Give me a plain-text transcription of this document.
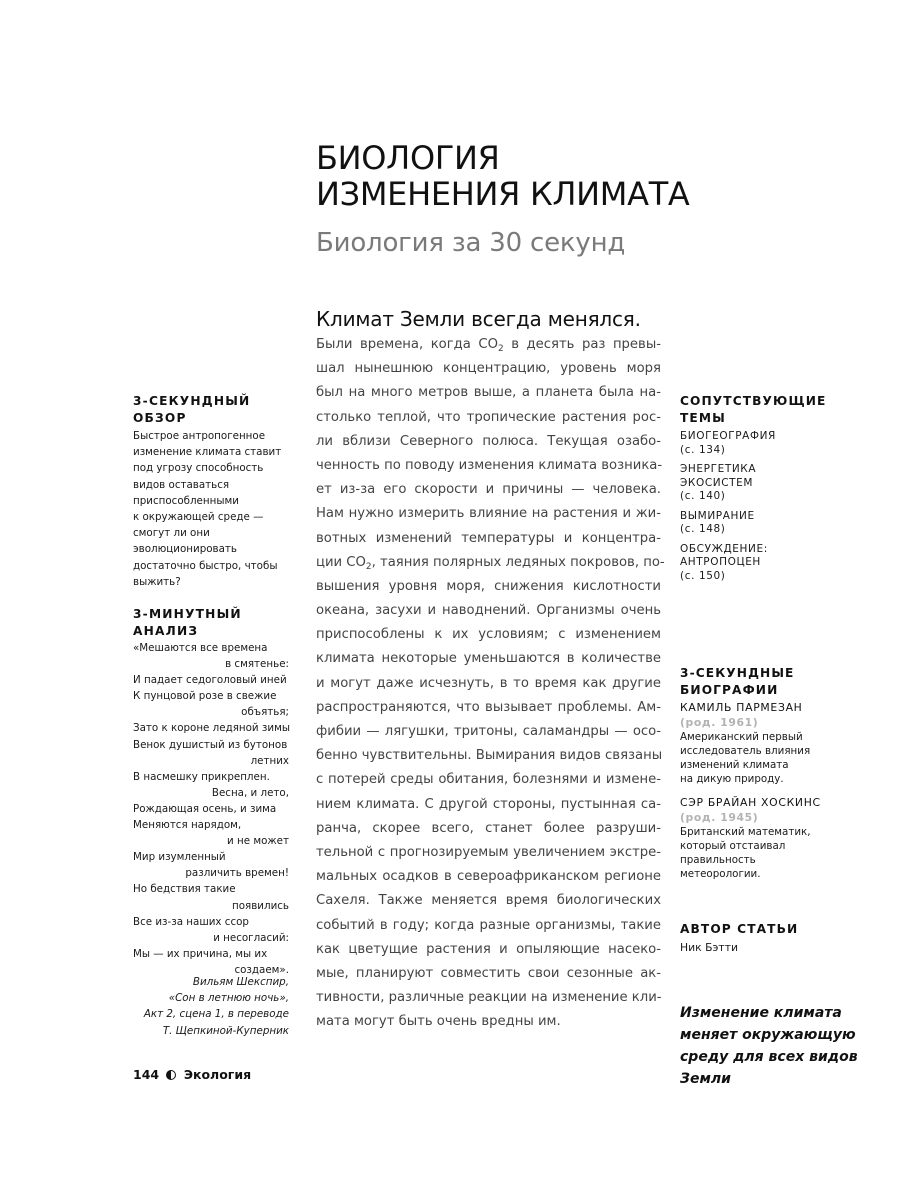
БИОЛОГИЯ
ИЗМЕНЕНИЯ КЛИМАТА
Биология за 30 секунд
Климат Земли всегда менялся.
Были времена, когда $CO_2$ в десять раз превы-
шал нынешнюю концентрацию, уровень моря
был на много метров выше, а планета была на-
столько теплой, что тропические растения рос-
ли вблизи Северного полюса. Текущая озабо-
ченность по поводу изменения климата возника-
ет из-за его скорости и причины — человека.
Нам нужно измерить влияние на растения и жи-
вотных изменений температуры и концентра-
ции $CO_2$, таяния полярных ледяных покровов, по-
вышения уровня моря, снижения кислотности
океана, засухи и наводнений. Организмы очень
приспособлены к их условиям; с изменением
климата некоторые уменьшаются в количестве
и могут даже исчезнуть, в то время как другие
распространяются, что вызывает проблемы. Ам-
фибии — лягушки, тритоны, саламандры — осо-
бенно чувствительны. Вымирания видов связаны
с потерей среды обитания, болезнями и измене-
нием климата. С другой стороны, пустынная са-
ранча, скорее всего, станет более разруши-
тельной с прогнозируемым увеличением экстре-
мальных осадков в североафриканском регионе
Сахеля. Также меняется время биологических
событий в году; когда разные организмы, такие
как цветущие растения и опыляющие насеко-
мые, планируют совместить свои сезонные ак-
тивности, различные реакции на изменение кли-
мата могут быть очень вредны им.
3-СЕКУНДНЫЙ
ОБЗОР
Быстрое антропогенное
изменение климата ставит
под угрозу способность
видов оставаться
приспособленными
к окружающей среде —
смогут ли они
эволюционировать
достаточно быстро, чтобы
выжить?
3-МИНУТНЫЙ
АНАЛИЗ
«Мешаются все времена
в смятенье:
И падает седоголовый иней
К пунцовой розе в свежие
объятья;
Зато к короне ледяной зимы
Венок душистый из бутонов
летних
В насмешку прикреплен.
Весна, и лето,
Рождающая осень, и зима
Меняются нарядом,
и не может
Мир изумленный
различить времен!
Но бедствия такие
появились
Все из-за наших ссор
и несогласий:
Мы — их причина, мы их
создаем».
Вильям Шекспир,
«Сон в летнюю ночь»,
Акт 2, сцена 1, в переводе
Т. Щепкиной-Куперник
144 Экология
СОПУТСТВУЮЩИЕ
ТЕМЫ
БИОГЕОГРАФИЯ
(с. 134)
ЭНЕРГЕТИКА
ЭКОСИСТЕМ
(с. 140)
ВЫМИРАНИЕ
(с. 148)
ОБСУЖДЕНИЕ:
АНТРОПОЦЕН
(с. 150)
3-СЕКУНДНЫЕ
БИОГРАФИИ
КАМИЛЬ ПАРМЕЗАН
(род. 1961)
Американский первый
исследователь влияния
изменений климата
на дикую природу.
СЭР БРАЙАН ХОСКИНС
(род. 1945)
Британский математик,
который отстаивал
правильность
метеорологии.
АВТОР СТАТЬИ
Ник Бэтти
Изменение климата
меняет окружающую
среду для всех видов
Земли
